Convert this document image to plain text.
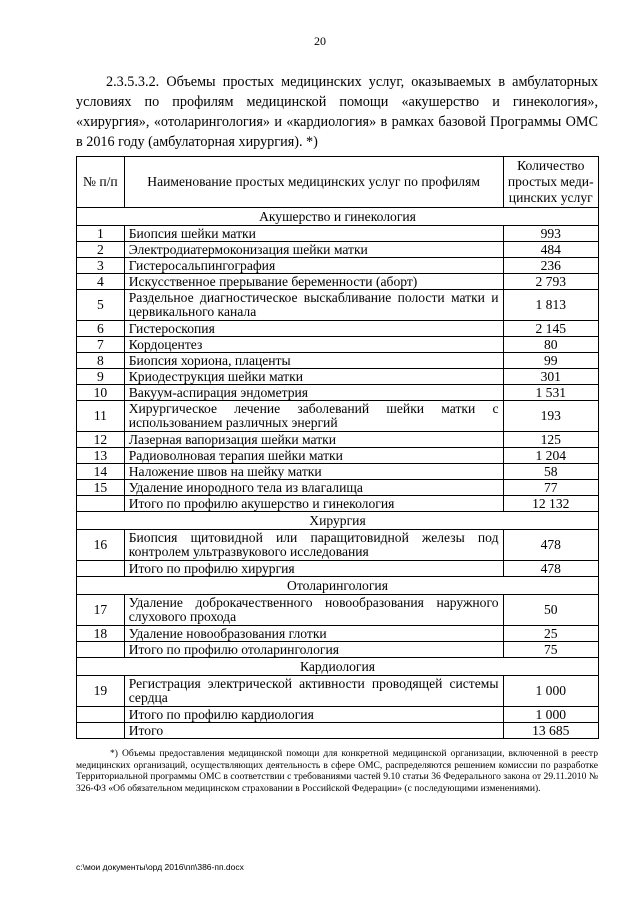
20

2.3.5.3.2. Объемы простых медицинских услуг, оказываемых в амбулаторных условиях по профилям медицинской помощи «акушерство и гинекология», «хирургия», «отоларингология» и «кардиология» в рамках базовой Программы ОМС в 2016 году (амбулаторная хирургия). *)

№ п/п	Наименование простых медицинских услуг по профилям	Количество простых меди- цинских услуг
Акушерство и гинекология		
1	Биопсия шейки матки	993
2	Электродиатермоконизация шейки матки	484
3	Гистеросальпингография	236
4	Искусственное прерывание беременности (аборт)	2 793
5	Раздельное диагностическое выскабливание полости матки и цервикального канала	1 813
6	Гистероскопия	2 145
7	Кордоцентез	80
8	Биопсия хориона, плаценты	99
9	Криодеструкция шейки матки	301
10	Вакуум-аспирация эндометрия	1 531
11	Хирургическое лечение заболеваний шейки матки с использованием различных энергий	193
12	Лазерная вапоризация шейки матки	125
13	Радиоволновая терапия шейки матки	1 204
14	Наложение швов на шейку матки	58
15	Удаление инородного тела из влагалища	77
	Итого по профилю акушерство и гинекология	12 132
Хирургия		
16	Биопсия щитовидной или паращитовидной железы под контролем ультразвукового исследования	478
	Итого по профилю хирургия	478
Отоларингология		
17	Удаление доброкачественного новообразования наружного слухового прохода	50
18	Удаление новообразования глотки	25
	Итого по профилю отоларингология	75
Кардиология		
19	Регистрация электрической активности проводящей системы сердца	1 000
	Итого по профилю кардиология	1 000
	Итого	13 685

*) Объемы предоставления медицинской помощи для конкретной медицинской организации, включенной в реестр медицинских организаций, осуществляющих деятельность в сфере ОМС, распределяются решением комиссии по разработке Территориальной программы ОМС в соответствии с требованиями частей 9.10 статьи 36 Федерального закона от 29.11.2010 № 326-ФЗ «Об обязательном медицинском страховании в Российской Федерации» (с последующими изменениями).

c:\мои документы\орд 2016\пп\386-пп.docx
